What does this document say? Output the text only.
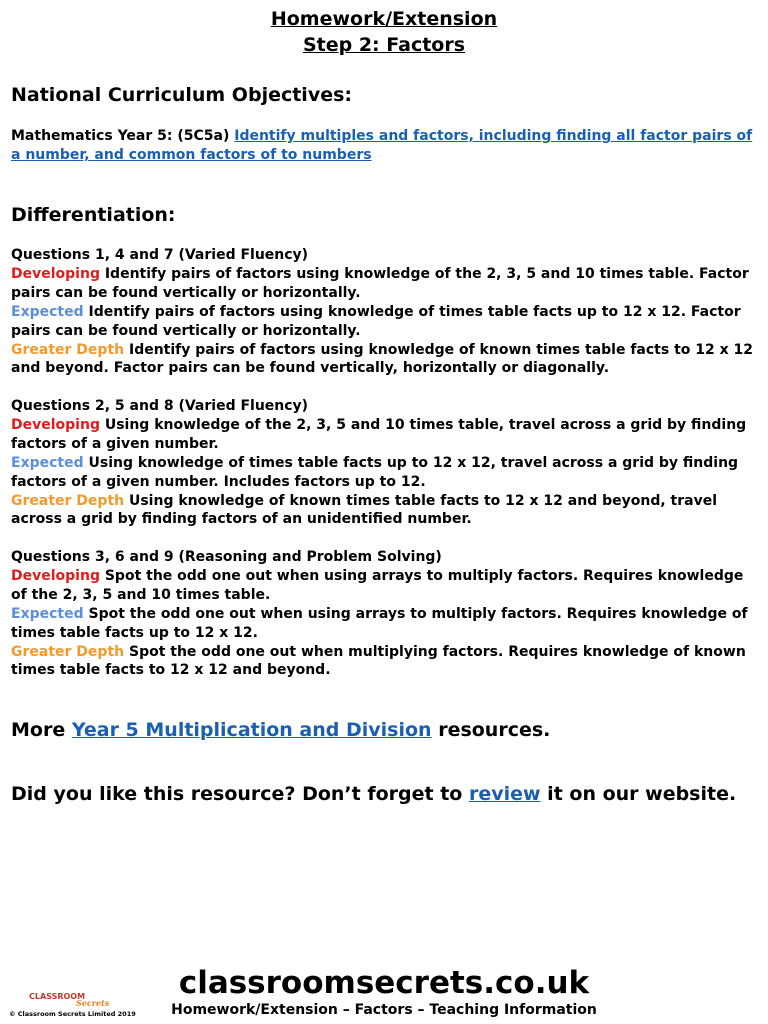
Homework/Extension
Step 2: Factors
National Curriculum Objectives:
Mathematics Year 5: (5C5a) Identify multiples and factors, including finding all factor pairs of a number, and common factors of to numbers
Differentiation:
Questions 1, 4 and 7 (Varied Fluency)
Developing Identify pairs of factors using knowledge of the 2, 3, 5 and 10 times table. Factor pairs can be found vertically or horizontally.
Expected Identify pairs of factors using knowledge of times table facts up to 12 x 12. Factor pairs can be found vertically or horizontally.
Greater Depth Identify pairs of factors using knowledge of known times table facts to 12 x 12 and beyond. Factor pairs can be found vertically, horizontally or diagonally.
Questions 2, 5 and 8 (Varied Fluency)
Developing Using knowledge of the 2, 3, 5 and 10 times table, travel across a grid by finding factors of a given number.
Expected Using knowledge of times table facts up to 12 x 12, travel across a grid by finding factors of a given number. Includes factors up to 12.
Greater Depth Using knowledge of known times table facts to 12 x 12 and beyond, travel across a grid by finding factors of an unidentified number.
Questions 3, 6 and 9 (Reasoning and Problem Solving)
Developing Spot the odd one out when using arrays to multiply factors. Requires knowledge of the 2, 3, 5 and 10 times table.
Expected Spot the odd one out when using arrays to multiply factors. Requires knowledge of times table facts up to 12 x 12.
Greater Depth Spot the odd one out when multiplying factors. Requires knowledge of known times table facts to 12 x 12 and beyond.
More Year 5 Multiplication and Division resources.
Did you like this resource? Don’t forget to review it on our website.
CLASSROOM
Secrets
© Classroom Secrets Limited 2019
classroomsecrets.co.uk
Homework/Extension – Factors – Teaching Information
